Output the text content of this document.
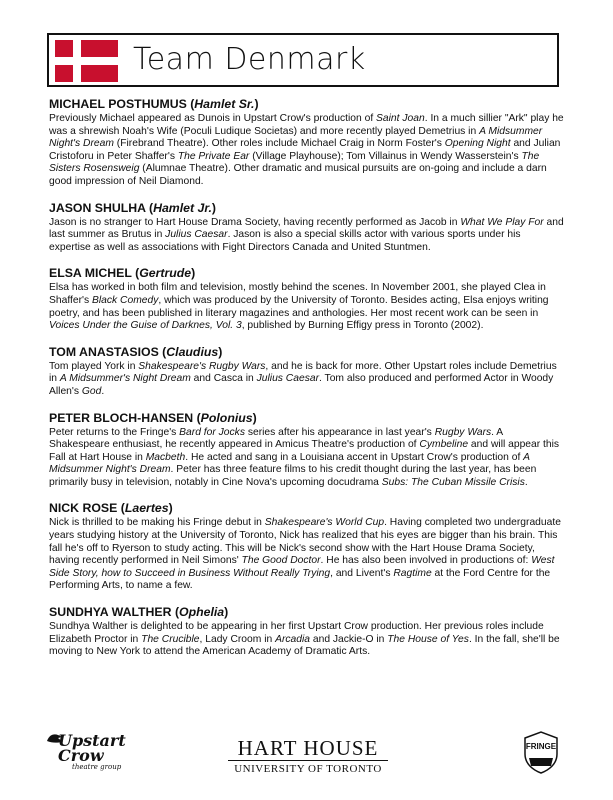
Team Denmark
MICHAEL POSTHUMUS (Hamlet Sr.)

Previously Michael appeared as Dunois in Upstart Crow's production of Saint Joan. In a much sillier "Ark" play he was a shrewish Noah's Wife (Poculi Ludique Societas) and more recently played Demetrius in A Midsummer Night's Dream (Firebrand Theatre). Other roles include Michael Craig in Norm Foster's Opening Night and Julian Cristoforu in Peter Shaffer's The Private Ear (Village Playhouse); Tom Villainus in Wendy Wasserstein's The Sisters Rosensweig (Alumnae Theatre). Other dramatic and musical pursuits are on-going and include a darn good impression of Neil Diamond.

JASON SHULHA (Hamlet Jr.)

Jason is no stranger to Hart House Drama Society, having recently performed as Jacob in What We Play For and last summer as Brutus in Julius Caesar. Jason is also a special skills actor with various sports under his expertise as well as associations with Fight Directors Canada and United Stuntmen.

ELSA MICHEL (Gertrude)

Elsa has worked in both film and television, mostly behind the scenes. In November 2001, she played Clea in Shaffer's Black Comedy, which was produced by the University of Toronto. Besides acting, Elsa enjoys writing poetry, and has been published in literary magazines and anthologies. Her most recent work can be seen in Voices Under the Guise of Darknes, Vol. 3, published by Burning Effigy press in Toronto (2002).

TOM ANASTASIOS (Claudius)

Tom played York in Shakespeare's Rugby Wars, and he is back for more. Other Upstart roles include Demetrius in A Midsummer's Night Dream and Casca in Julius Caesar. Tom also produced and performed Actor in Woody Allen's God.

PETER BLOCH-HANSEN (Polonius)

Peter returns to the Fringe's Bard for Jocks series after his appearance in last year's Rugby Wars. A Shakespeare enthusiast, he recently appeared in Amicus Theatre's production of Cymbeline and will appear this Fall at Hart House in Macbeth. He acted and sang in a Louisiana accent in Upstart Crow's production of A Midsummer Night's Dream. Peter has three feature films to his credit thought during the last year, has been primarily busy in television, notably in Cine Nova's upcoming docudrama Subs: The Cuban Missile Crisis.

NICK ROSE (Laertes)

Nick is thrilled to be making his Fringe debut in Shakespeare's World Cup. Having completed two undergraduate years studying history at the University of Toronto, Nick has realized that his eyes are bigger than his brain. This fall he's off to Ryerson to study acting. This will be Nick's second show with the Hart House Drama Society, having recently performed in Neil Simons' The Good Doctor. He has also been involved in productions of: West Side Story, how to Succeed in Business Without Really Trying, and Livent's Ragtime at the Ford Centre for the Performing Arts, to name a few.

SUNDHYA WALTHER (Ophelia)

Sundhya Walther is delighted to be appearing in her first Upstart Crow production. Her previous roles include Elizabeth Proctor in The Crucible, Lady Croom in Arcadia and Jackie-O in The House of Yes. In the fall, she'll be moving to New York to attend the American Academy of Dramatic Arts.

Upstart
Crow
theatre group
HART HOUSE
UNIVERSITY OF TORONTO
FRINGE
